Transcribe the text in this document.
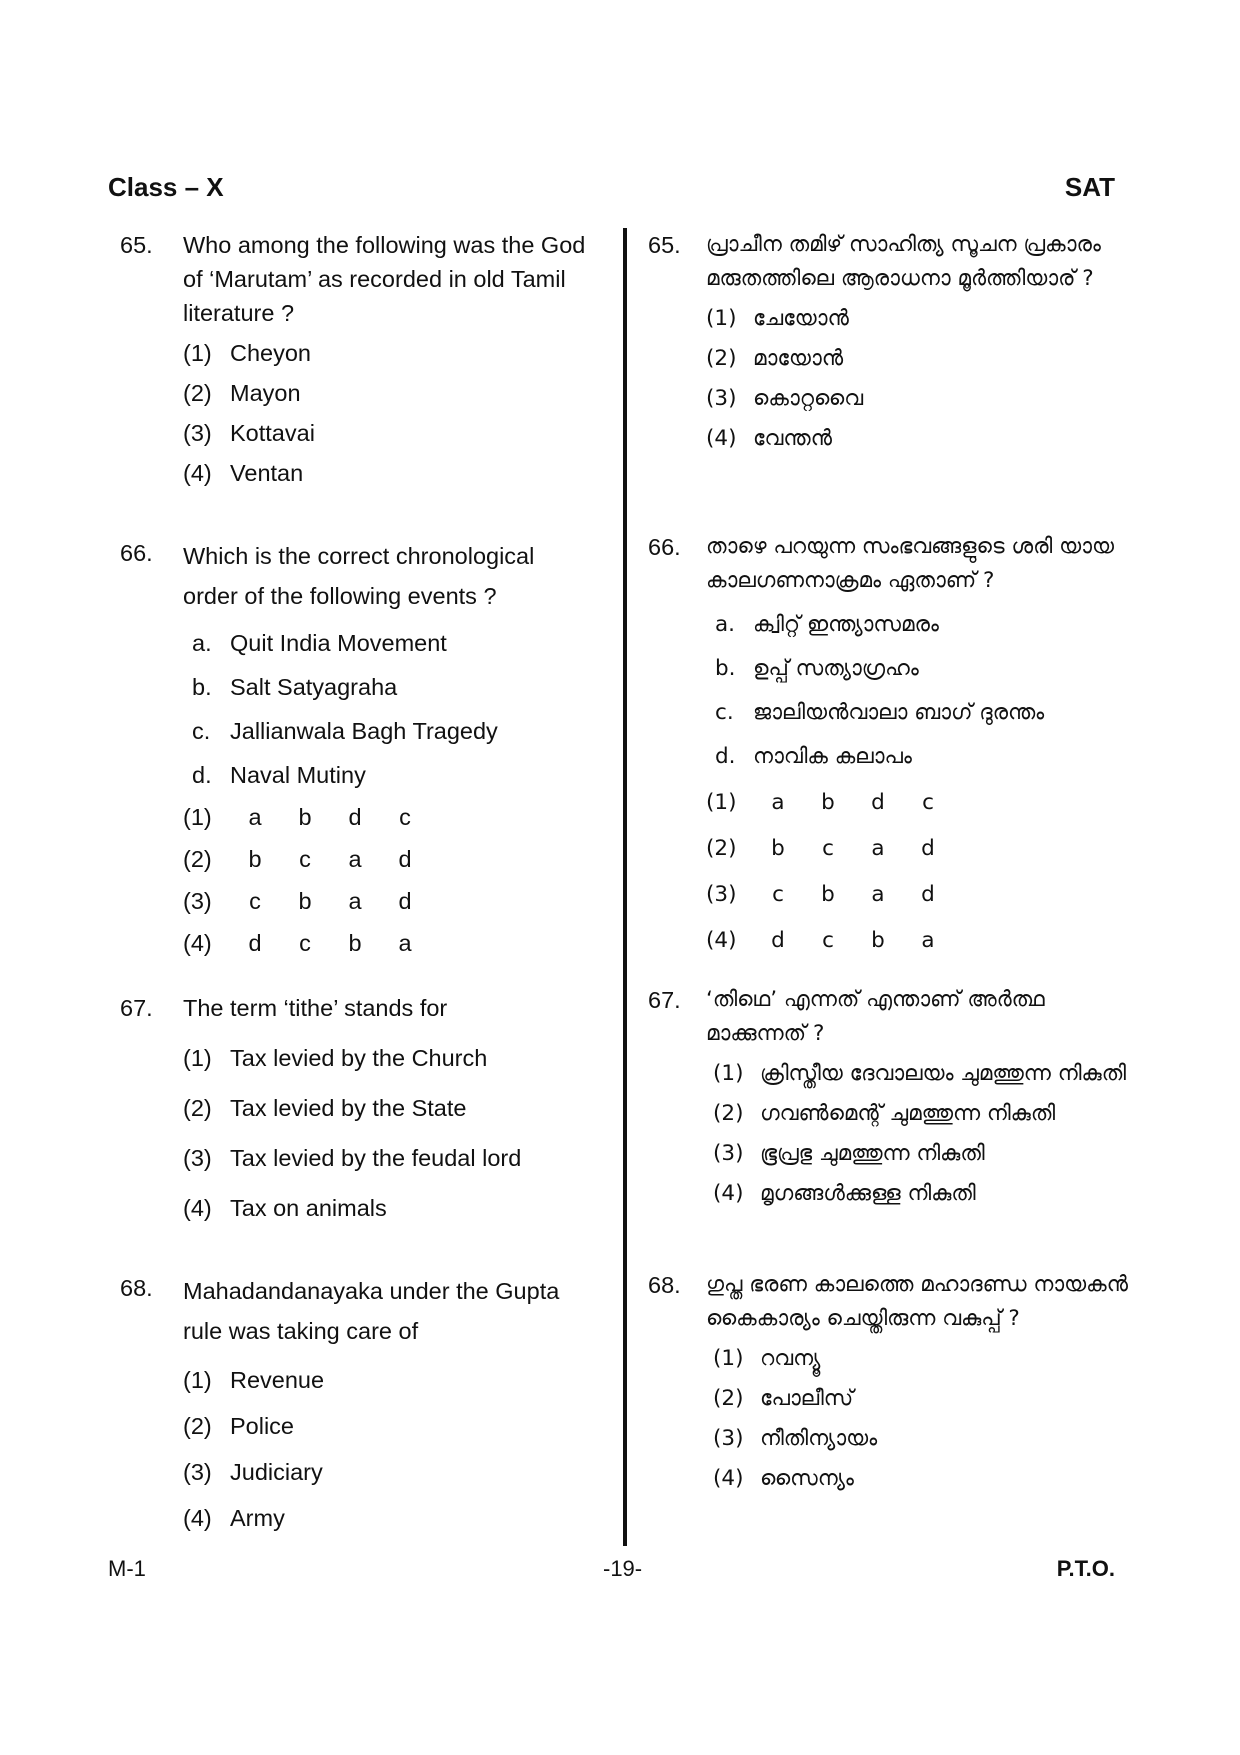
Class – X	SAT
65. Who among the following was the God of ‘Marutam’ as recorded in old Tamil literature ?
(1) Cheyon
(2) Mayon
(3) Kottavai
(4) Ventan
66. Which is the correct chronological order of the following events ?
a. Quit India Movement
b. Salt Satyagraha
c. Jallianwala Bagh Tragedy
d. Naval Mutiny
(1) a b d c
(2) b c a d
(3) c b a d
(4) d c b a
67. The term ‘tithe’ stands for
(1) Tax levied by the Church
(2) Tax levied by the State
(3) Tax levied by the feudal lord
(4) Tax on animals
68. Mahadandanayaka under the Gupta rule was taking care of
(1) Revenue
(2) Police
(3) Judiciary
(4) Army
65. പ്രാചീന തമിഴ് സാഹിത്യ സൂചന പ്രകാരം മരുതത്തിലെ ആരാധനാ മൂർത്തിയാര് ?
(1) ചേയോൻ
(2) മായോൻ
(3) കൊറ്റവൈ
(4) വേന്തൻ
66. താഴെ പറയുന്ന സംഭവങ്ങളുടെ ശരി യായ കാലഗണനാക്രമം ഏതാണ് ?
a. ക്വിറ്റ് ഇന്ത്യാസമരം
b. ഉപ്പ് സത്യാഗ്രഹം
c. ജാലിയൻവാലാ ബാഗ് ദുരന്തം
d. നാവിക കലാപം
(1) a b d c
(2) b c a d
(3) c b a d
(4) d c b a
67. ‘തിഥെ’ എന്നത് എന്താണ് അർത്ഥ മാക്കുന്നത് ?
(1) ക്രിസ്തീയ ദേവാലയം ചുമത്തുന്ന നികുതി
(2) ഗവൺമെന്റ് ചുമത്തുന്ന നികുതി
(3) ഭൂപ്രഭു ചുമത്തുന്ന നികുതി
(4) മൃഗങ്ങൾക്കുള്ള നികുതി
68. ഗുപ്ത ഭരണ കാലത്തെ മഹാദണ്ഡ നായകൻ കൈകാര്യം ചെയ്തിരുന്ന വകുപ്പ് ?
(1) റവന്യൂ
(2) പോലീസ്
(3) നീതിന്യായം
(4) സൈന്യം
M-1	-19-	P.T.O.
